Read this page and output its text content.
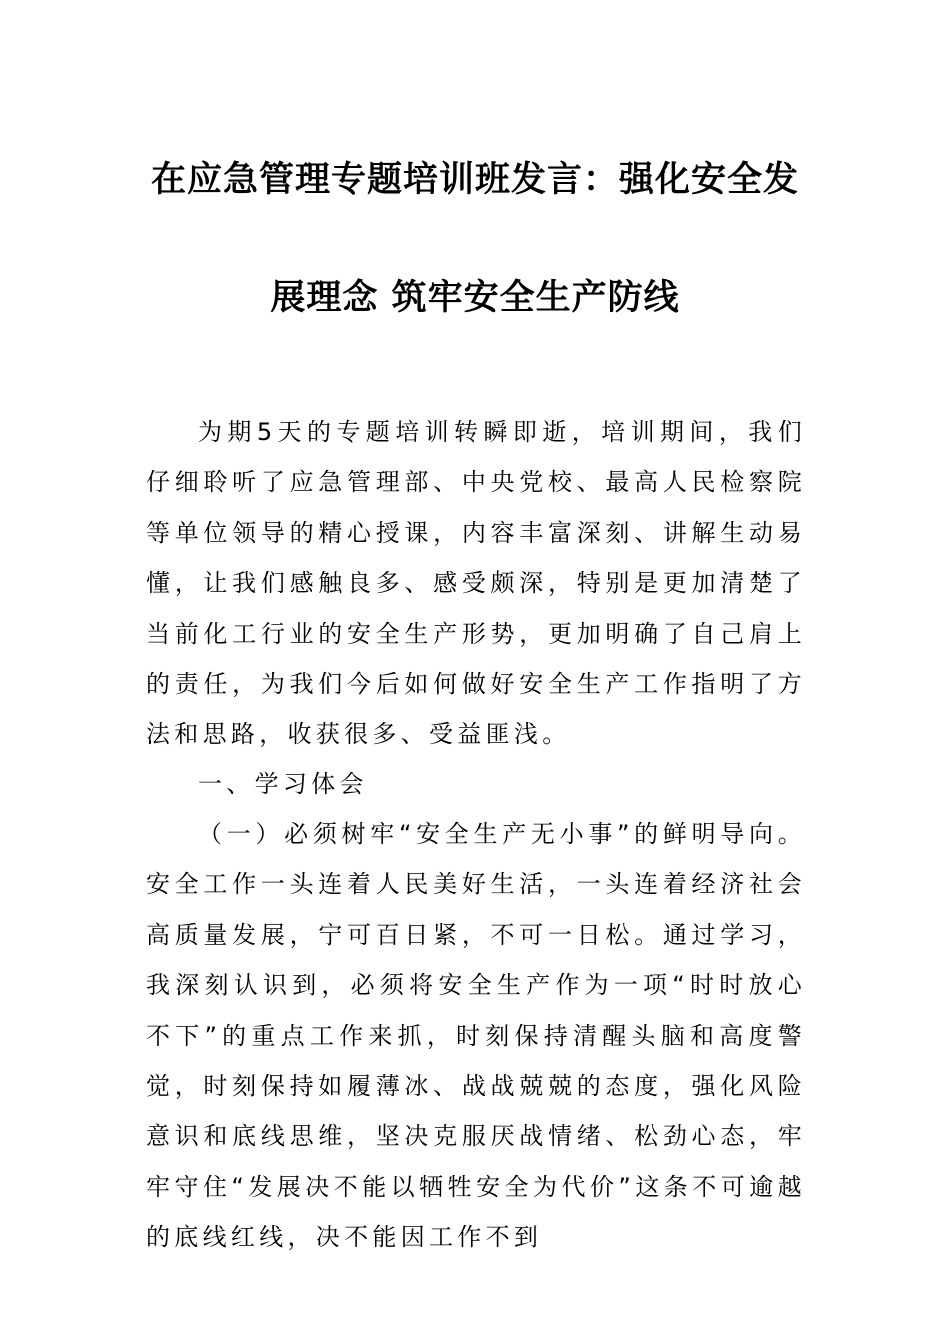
在应急管理专题培训班发言：强化安全发
展理念 筑牢安全生产防线

为期5天的专题培训转瞬即逝，培训期间，我们仔细聆听了应急管理部、中央党校、最高人民检察院等单位领导的精心授课，内容丰富深刻、讲解生动易懂，让我们感触良多、感受颇深，特别是更加清楚了当前化工行业的安全生产形势，更加明确了自己肩上的责任，为我们今后如何做好安全生产工作指明了方法和思路，收获很多、受益匪浅。

一、学习体会

（一）必须树牢“安全生产无小事”的鲜明导向。安全工作一头连着人民美好生活，一头连着经济社会高质量发展，宁可百日紧，不可一日松。通过学习，我深刻认识到，必须将安全生产作为一项“时时放心不下”的重点工作来抓，时刻保持清醒头脑和高度警觉，时刻保持如履薄冰、战战兢兢的态度，强化风险意识和底线思维，坚决克服厌战情绪、松劲心态，牢牢守住“发展决不能以牺牲安全为代价”这条不可逾越的底线红线，决不能因工作不到
